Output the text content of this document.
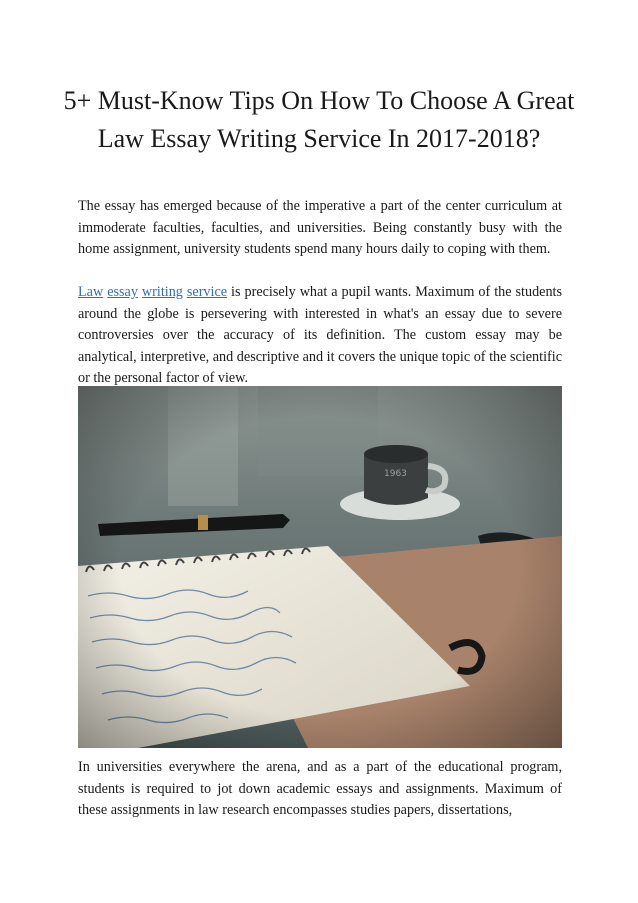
5+ Must-Know Tips On How To Choose A Great Law Essay Writing Service In 2017-2018?

The essay has emerged because of the imperative a part of the center curriculum at immoderate faculties, faculties, and universities. Being constantly busy with the home assignment, university students spend many hours daily to coping with them.

Law essay writing service is precisely what a pupil wants. Maximum of the students around the globe is persevering with interested in what's an essay due to severe controversies over the accuracy of its definition. The custom essay may be analytical, interpretive, and descriptive and it covers the unique topic of the scientific or the personal factor of view.

In universities everywhere the arena, and as a part of the educational program, students is required to jot down academic essays and assignments. Maximum of these assignments in law research encompasses studies papers, dissertations,
